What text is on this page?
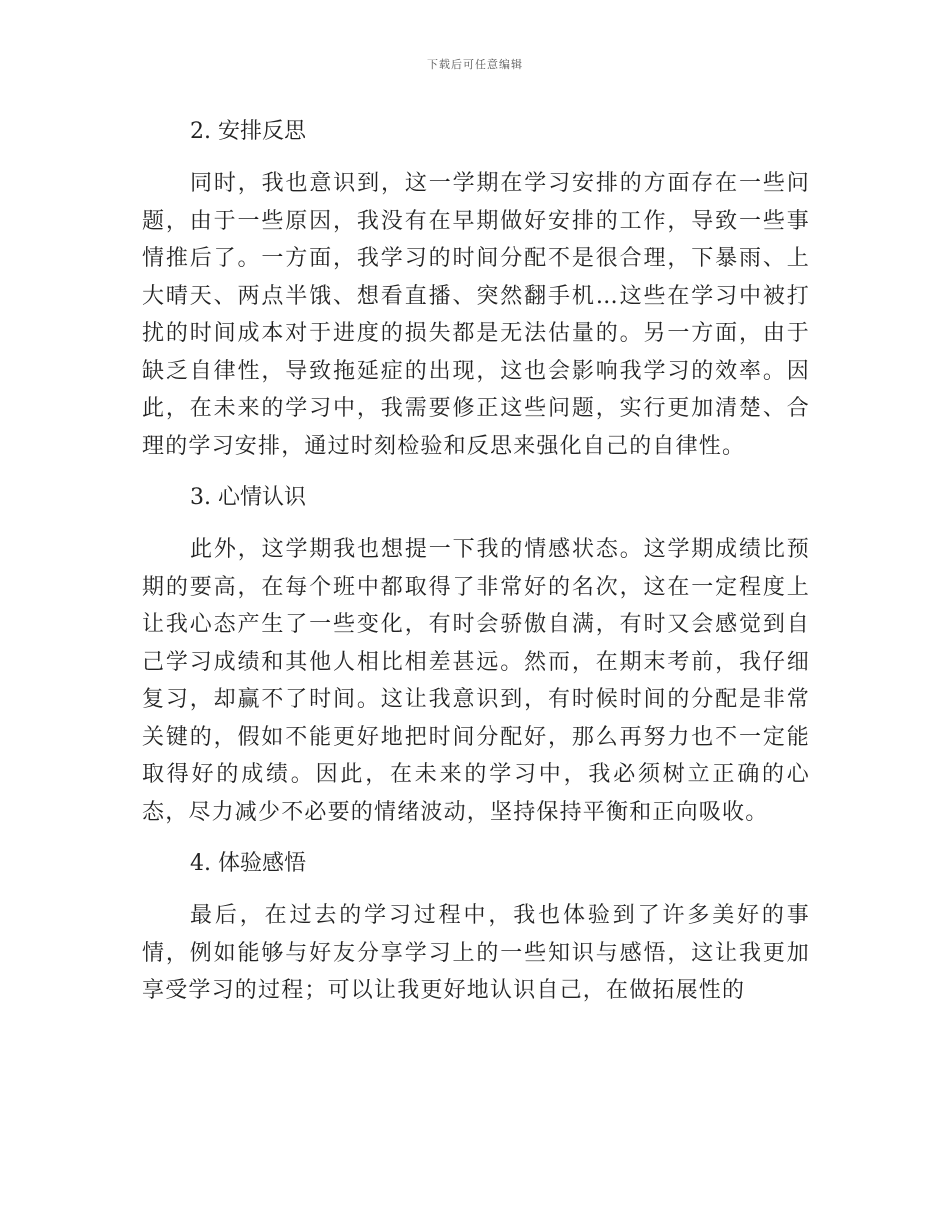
下载后可任意编辑
2. 安排反思
同时，我也意识到，这一学期在学习安排的方面存在一些问题，由于一些原因，我没有在早期做好安排的工作，导致一些事情推后了。一方面，我学习的时间分配不是很合理，下暴雨、上大晴天、两点半饿、想看直播、突然翻手机…这些在学习中被打扰的时间成本对于进度的损失都是无法估量的。另一方面，由于缺乏自律性，导致拖延症的出现，这也会影响我学习的效率。因此，在未来的学习中，我需要修正这些问题，实行更加清楚、合理的学习安排，通过时刻检验和反思来强化自己的自律性。
3. 心情认识
此外，这学期我也想提一下我的情感状态。这学期成绩比预期的要高，在每个班中都取得了非常好的名次，这在一定程度上让我心态产生了一些变化，有时会骄傲自满，有时又会感觉到自己学习成绩和其他人相比相差甚远。然而，在期末考前，我仔细复习，却赢不了时间。这让我意识到，有时候时间的分配是非常关键的，假如不能更好地把时间分配好，那么再努力也不一定能取得好的成绩。因此，在未来的学习中，我必须树立正确的心态，尽力减少不必要的情绪波动，坚持保持平衡和正向吸收。
4. 体验感悟
最后，在过去的学习过程中，我也体验到了许多美好的事情，例如能够与好友分享学习上的一些知识与感悟，这让我更加享受学习的过程；可以让我更好地认识自己，在做拓展性的
